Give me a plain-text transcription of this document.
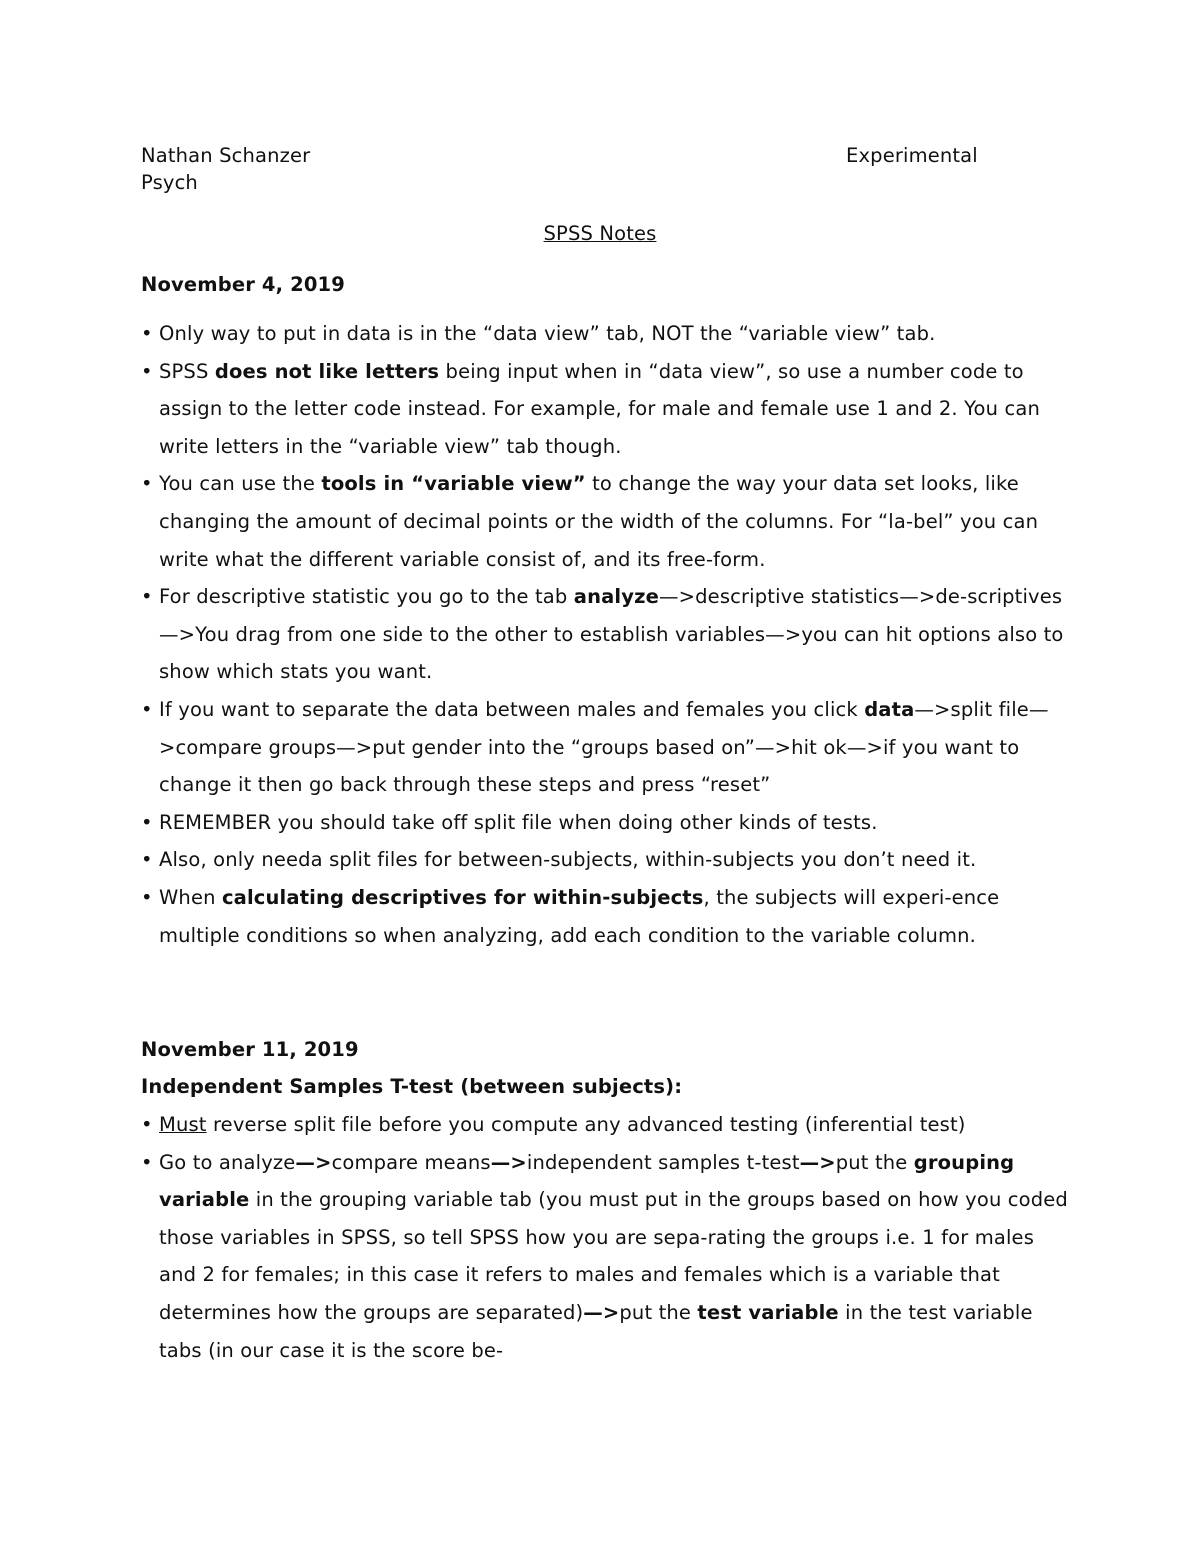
Nathan Schanzer	Experimental
Psych
SPSS Notes
November 4, 2019
• Only way to put in data is in the “data view” tab, NOT the “variable view” tab.
• SPSS does not like letters being input when in “data view”, so use a number code to assign to the letter code instead. For example, for male and female use 1 and 2. You can write letters in the “variable view” tab though.
• You can use the tools in “variable view” to change the way your data set looks, like changing the amount of decimal points or the width of the columns. For “la-bel” you can write what the different variable consist of, and its free-form.
• For descriptive statistic you go to the tab analyze—>descriptive statistics—>de-scriptives—>You drag from one side to the other to establish variables—>you can hit options also to show which stats you want.
• If you want to separate the data between males and females you click data—>split file—>compare groups—>put gender into the “groups based on”—>hit ok—>if you want to change it then go back through these steps and press “reset”
• REMEMBER you should take off split file when doing other kinds of tests.
• Also, only needa split files for between-subjects, within-subjects you don’t need it.
• When calculating descriptives for within-subjects, the subjects will experi-ence multiple conditions so when analyzing, add each condition to the variable column.
November 11, 2019
Independent Samples T-test (between subjects):
• Must reverse split file before you compute any advanced testing (inferential test)
• Go to analyze—>compare means—>independent samples t-test—>put the grouping variable in the grouping variable tab (you must put in the groups based on how you coded those variables in SPSS, so tell SPSS how you are sepa-rating the groups i.e. 1 for males and 2 for females; in this case it refers to males and females which is a variable that determines how the groups are separated)—>put the test variable in the test variable tabs (in our case it is the score be-
